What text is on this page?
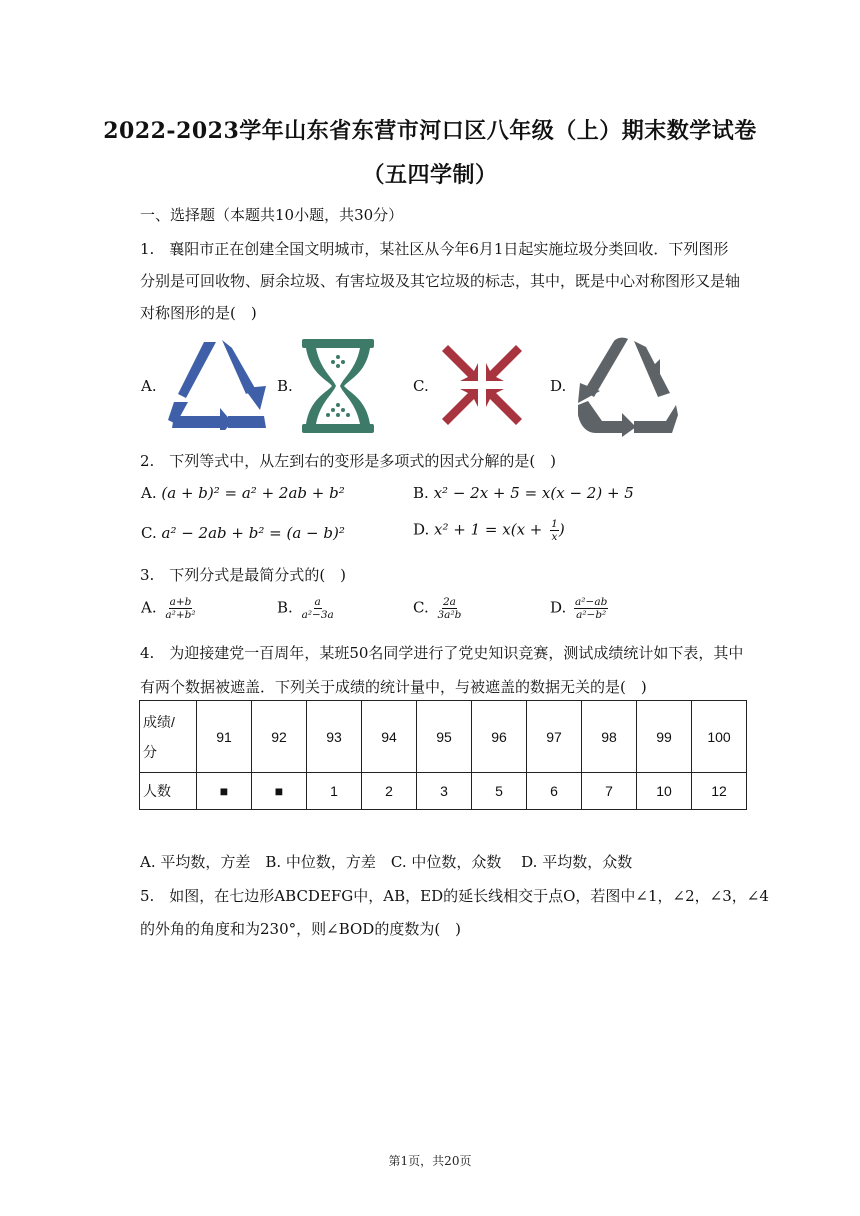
2022-2023学年山东省东营市河口区八年级（上）期末数学试卷
（五四学制）
一、选择题（本题共10小题，共30分）
1.　襄阳市正在创建全国文明城市，某社区从今年6月1日起实施垃圾分类回收．下列图形
分别是可回收物、厨余垃圾、有害垃圾及其它垃圾的标志，其中，既是中心对称图形又是轴
对称图形的是(　)
A.	B.	C.	D.
2.　下列等式中，从左到右的变形是多项式的因式分解的是(　)
A. (a + b)² = a² + 2ab + b²	B. x² − 2x + 5 = x(x − 2) + 5
C. a² − 2ab + b² = (a − b)²	D. $x^2 + 1 = x(x + \frac{1}{x}$ )
3.　下列分式是最简分式的(　)
A. $\frac{a+b}{\text{a²+b²}}$	B. $\frac{a}{\text{a²−3a}}$	C. $\frac{2a}{\text{3a²b}}$	D. $\frac{\text{a²−ab}}{\text{a²−b²}}$
4.　为迎接建党一百周年，某班50名同学进行了党史知识竞赛，测试成绩统计如下表，其中
有两个数据被遮盖．下列关于成绩的统计量中，与被遮盖的数据无关的是(　)
成绩/
分	91	92	93	94	95	96	97	98	99	100
人数	■	■	1	2	3	5	6	7	10	12
A. 平均数，方差　B. 中位数，方差　C. 中位数，众数　 D. 平均数，众数
5.　如图，在七边形ABCDEFG中，AB，ED的延长线相交于点O，若图中∠1，∠2，∠3，∠4
的外角的角度和为230°，则∠BOD的度数为(　)
第1页，共20页
